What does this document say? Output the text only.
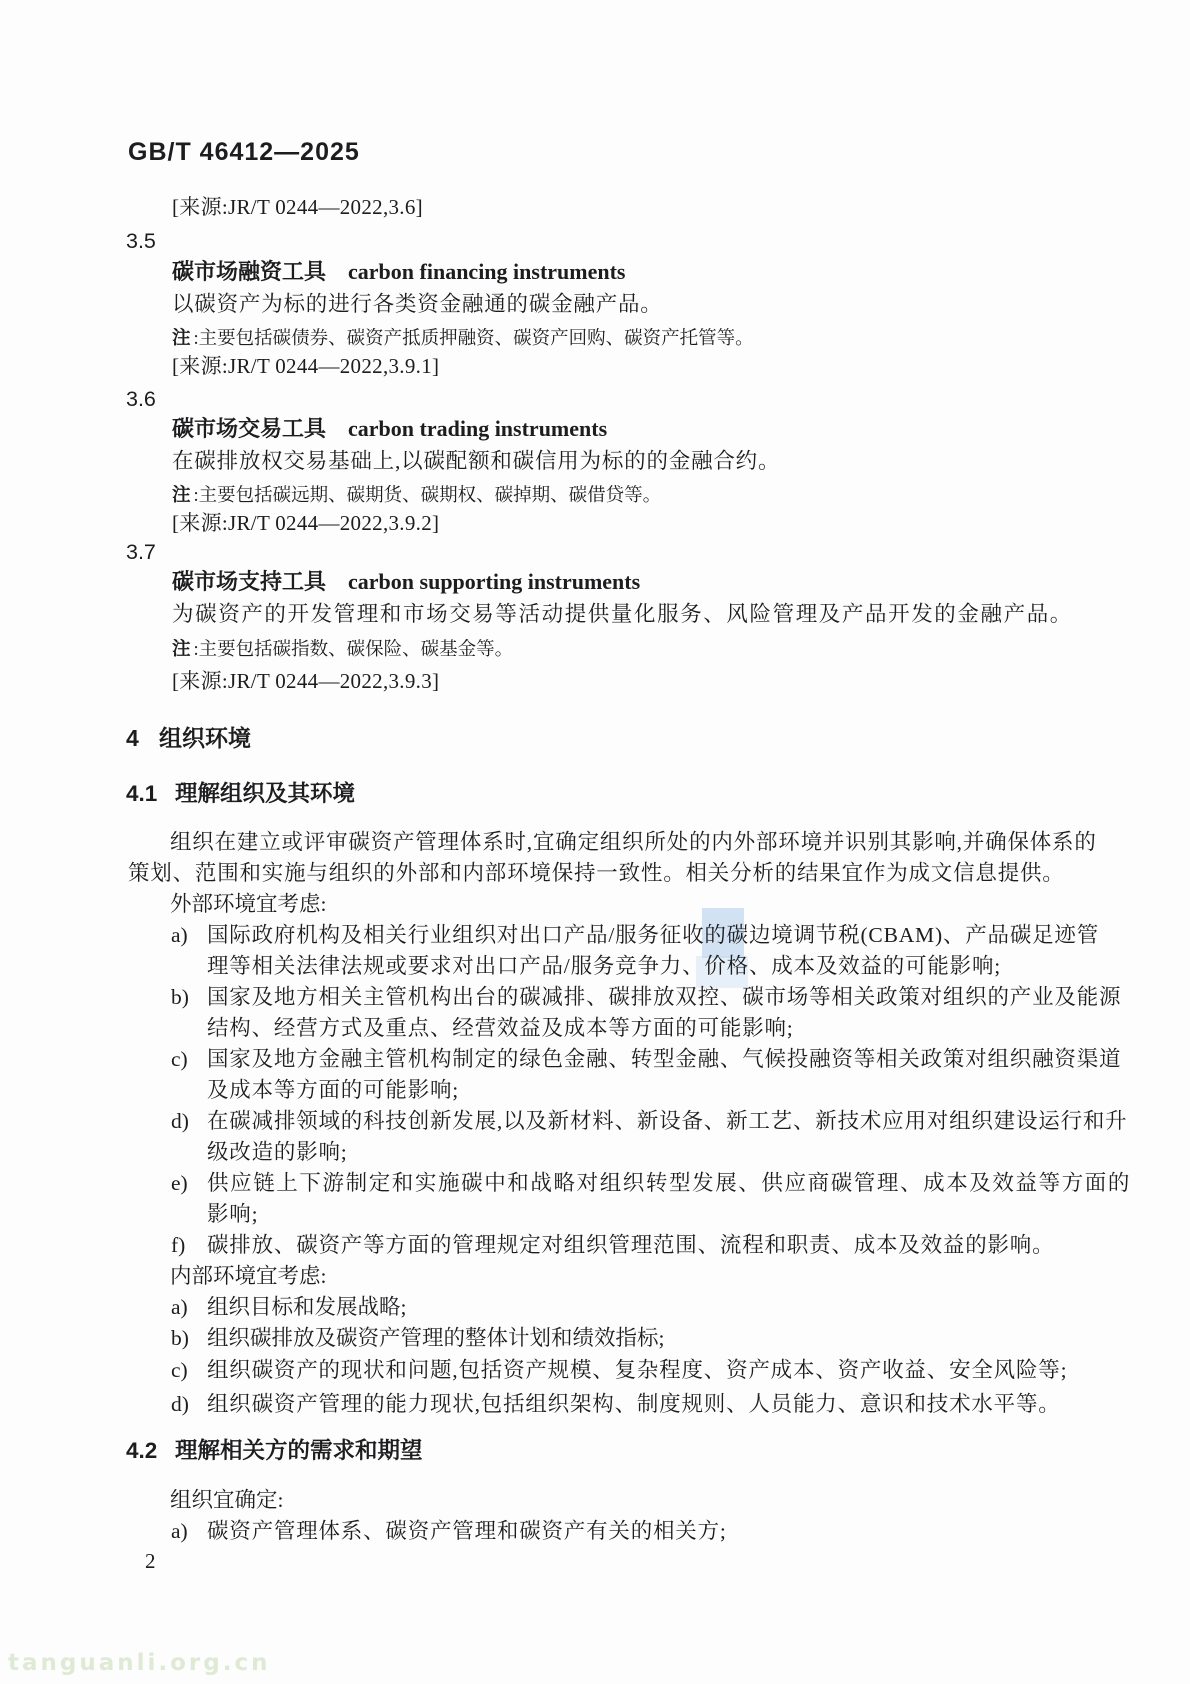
GB/T 46412—2025
[来源:JR/T 0244—2022,3.6]
3.5
碳市场融资工具 carbon financing instruments
以碳资产为标的进行各类资金融通的碳金融产品。
注 :主要包括碳债券、碳资产抵质押融资、碳资产回购、碳资产托管等。
[来源:JR/T 0244—2022,3.9.1]
3.6
碳市场交易工具 carbon trading instruments
在碳排放权交易基础上,以碳配额和碳信用为标的的金融合约。
注 :主要包括碳远期、碳期货、碳期权、碳掉期、碳借贷等。
[来源:JR/T 0244—2022,3.9.2]
3.7
碳市场支持工具 carbon supporting instruments
为碳资产的开发管理和市场交易等活动提供量化服务、风险管理及产品开发的金融产品。
注 :主要包括碳指数、碳保险、碳基金等。
[来源:JR/T 0244—2022,3.9.3]
4 组织环境
4.1 理解组织及其环境
组织在建立或评审碳资产管理体系时,宜确定组织所处的内外部环境并识别其影响,并确保体系的
策划、范围和实施与组织的外部和内部环境保持一致性。相关分析的结果宜作为成文信息提供。
外部环境宜考虑:
a) 国际政府机构及相关行业组织对出口产品/服务征收的碳边境调节税(CBAM)、产品碳足迹管
理等相关法律法规或要求对出口产品/服务竞争力、价格、成本及效益的可能影响;
b) 国家及地方相关主管机构出台的碳减排、碳排放双控、碳市场等相关政策对组织的产业及能源
结构、经营方式及重点、经营效益及成本等方面的可能影响;
c) 国家及地方金融主管机构制定的绿色金融、转型金融、气候投融资等相关政策对组织融资渠道
及成本等方面的可能影响;
d) 在碳减排领域的科技创新发展,以及新材料、新设备、新工艺、新技术应用对组织建设运行和升
级改造的影响;
e) 供应链上下游制定和实施碳中和战略对组织转型发展、供应商碳管理、成本及效益等方面的
影响;
f) 碳排放、碳资产等方面的管理规定对组织管理范围、流程和职责、成本及效益的影响。
内部环境宜考虑:
a) 组织目标和发展战略;
b) 组织碳排放及碳资产管理的整体计划和绩效指标;
c) 组织碳资产的现状和问题,包括资产规模、复杂程度、资产成本、资产收益、安全风险等;
d) 组织碳资产管理的能力现状,包括组织架构、制度规则、人员能力、意识和技术水平等。
4.2 理解相关方的需求和期望
组织宜确定:
a) 碳资产管理体系、碳资产管理和碳资产有关的相关方;
2
tanguanli.org.cn
